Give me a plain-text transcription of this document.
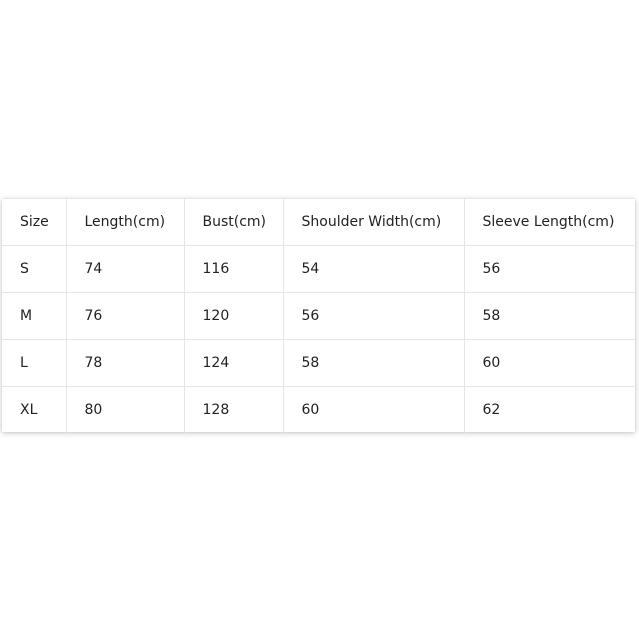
Size	Length(cm)	Bust(cm)	Shoulder Width(cm)	Sleeve Length(cm)
S	74	116	54	56
M	76	120	56	58
L	78	124	58	60
XL	80	128	60	62
